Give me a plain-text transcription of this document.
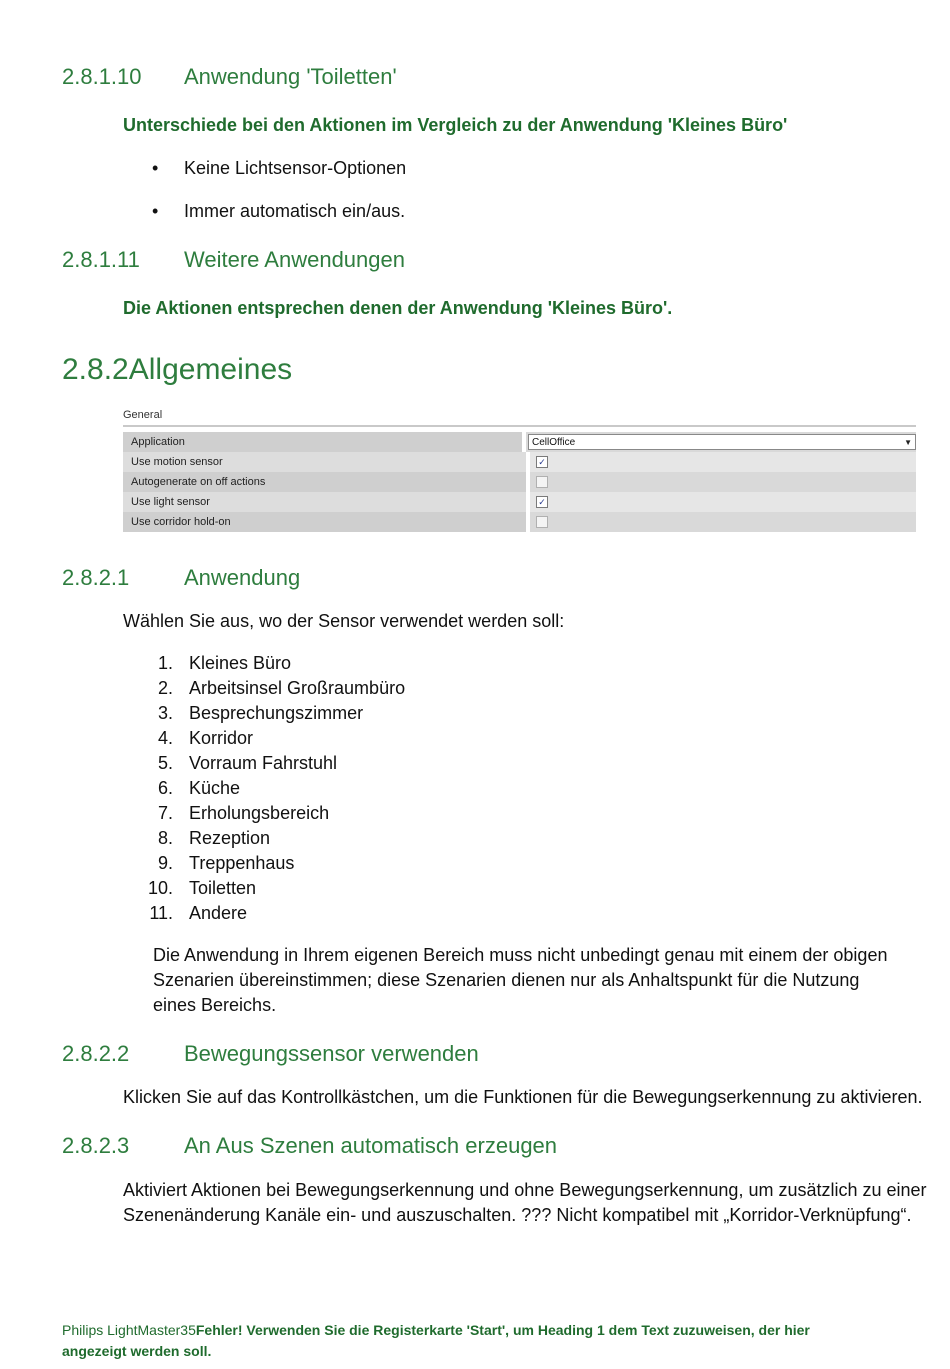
2.8.1.10 Anwendung 'Toiletten'
Unterschiede bei den Aktionen im Vergleich zu der Anwendung 'Kleines Büro'
• Keine Lichtsensor-Optionen
• Immer automatisch ein/aus.
2.8.1.11 Weitere Anwendungen
Die Aktionen entsprechen denen der Anwendung 'Kleines Büro'.
2.8.2Allgemeines
General
Application	CellOffice	▼
Use motion sensor	✓
Autogenerate on off actions
Use light sensor	✓
Use corridor hold-on
2.8.2.1 Anwendung
Wählen Sie aus, wo der Sensor verwendet werden soll:
1. Kleines Büro
2. Arbeitsinsel Großraumbüro
3. Besprechungszimmer
4. Korridor
5. Vorraum Fahrstuhl
6. Küche
7. Erholungsbereich
8. Rezeption
9. Treppenhaus
10. Toiletten
11. Andere
Die Anwendung in Ihrem eigenen Bereich muss nicht unbedingt genau mit einem der obigen
Szenarien übereinstimmen; diese Szenarien dienen nur als Anhaltspunkt für die Nutzung
eines Bereichs.
2.8.2.2 Bewegungssensor verwenden
Klicken Sie auf das Kontrollkästchen, um die Funktionen für die Bewegungserkennung zu aktivieren.
2.8.2.3 An Aus Szenen automatisch erzeugen
Aktiviert Aktionen bei Bewegungserkennung und ohne Bewegungserkennung, um zusätzlich zu einer
Szenenänderung Kanäle ein- und auszuschalten. ??? Nicht kompatibel mit „Korridor-Verknüpfung“.
Philips LightMaster35Fehler! Verwenden Sie die Registerkarte 'Start', um Heading 1 dem Text zuzuweisen, der hier
angezeigt werden soll.
